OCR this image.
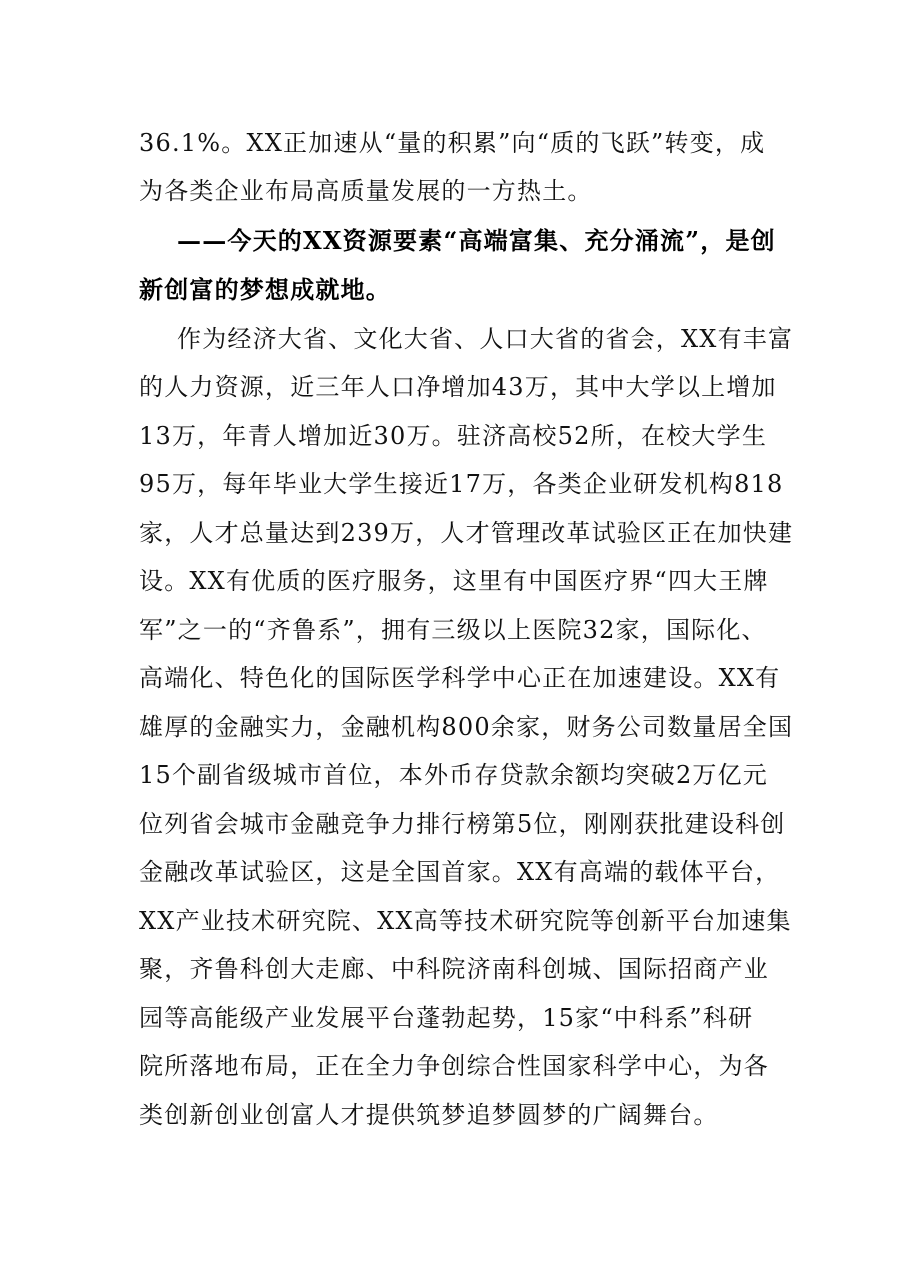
36.1%。XX正加速从“量的积累”向“质的飞跃”转变，成
为各类企业布局高质量发展的一方热土。
——今天的XX资源要素“高端富集、充分涌流”，是创
新创富的梦想成就地。
作为经济大省、文化大省、人口大省的省会，XX有丰富
的人力资源，近三年人口净增加43万，其中大学以上增加
13万，年青人增加近30万。驻济高校52所，在校大学生
95万，每年毕业大学生接近17万，各类企业研发机构818
家，人才总量达到239万，人才管理改革试验区正在加快建
设。XX有优质的医疗服务，这里有中国医疗界“四大王牌
军”之一的“齐鲁系”，拥有三级以上医院32家，国际化、
高端化、特色化的国际医学科学中心正在加速建设。XX有
雄厚的金融实力，金融机构800余家，财务公司数量居全国
15个副省级城市首位，本外币存贷款余额均突破2万亿元
位列省会城市金融竞争力排行榜第5位，刚刚获批建设科创
金融改革试验区，这是全国首家。XX有高端的载体平台，
XX产业技术研究院、XX高等技术研究院等创新平台加速集
聚，齐鲁科创大走廊、中科院济南科创城、国际招商产业
园等高能级产业发展平台蓬勃起势，15家“中科系”科研
院所落地布局，正在全力争创综合性国家科学中心，为各
类创新创业创富人才提供筑梦追梦圆梦的广阔舞台。
